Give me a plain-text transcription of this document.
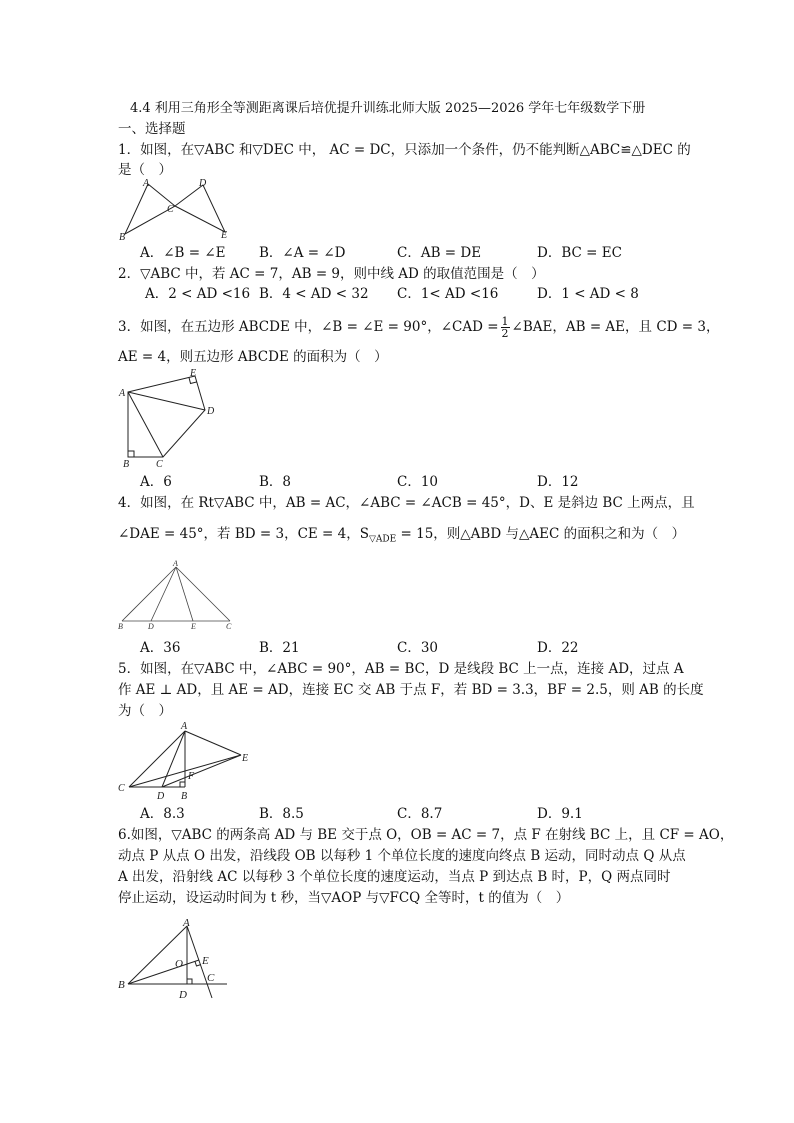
4.4 利用三角形全等测距离课后培优提升训练北师大版 2025—2026 学年七年级数学下册
一、选择题
1．如图，在▽ABC 和▽DEC 中， AC = DC，只添加一个条件，仍不能判断△ABC≌△DEC 的
是（　）
A	D
C
B	E
A．∠B = ∠E B．∠A = ∠D	C．AB = DE	D．BC = EC
2．▽ABC 中，若 AC = 7，AB = 9，则中线 AD 的取值范围是（　）
A．2 < AD <16 B．4 < AD < 32 C．1< AD <16	D．1 < AD < 8
3．如图，在五边形 ABCDE 中，∠B = ∠E = 90°，∠CAD = $\frac{1}{2}$ ∠BAE，AB = AE，且 CD = 3，
AE = 4，则五边形 ABCDE 的面积为（　）
E
A
D
B	C
A．6	B．8	C．10	D．12
4．如图，在 Rt▽ABC 中，AB = AC，∠ABC = ∠ACB = 45°，D、E 是斜边 BC 上两点，且
∠DAE = 45°，若 BD = 3，CE = 4，$S_{▽ADE} = 15$，则△ABD 与△AEC 的面积之和为（　）
A
B	D	E	C
A．36	B．21	C．30	D．22
5．如图，在▽ABC 中，∠ABC = 90°，AB = BC，D 是线段 BC 上一点，连接 AD，过点 A
作 AE ⊥ AD，且 AE = AD，连接 EC 交 AB 于点 F，若 BD = 3.3，BF = 2.5，则 AB 的长度
为（　）
A
E
F
C
D B
A．8.3	B．8.5	C．8.7	D．9.1
6.如图，▽ABC 的两条高 AD 与 BE 交于点 O，OB = AC = 7，点 F 在射线 BC 上，且 CF = AO，
动点 P 从点 O 出发，沿线段 OB 以每秒 1 个单位长度的速度向终点 B 运动，同时动点 Q 从点
A 出发，沿射线 AC 以每秒 3 个单位长度的速度运动，当点 P 到达点 B 时，P，Q 两点同时
停止运动，设运动时间为 t 秒，当▽AOP 与▽FCQ 全等时，t 的值为（　）
A
O E
C
B
D
